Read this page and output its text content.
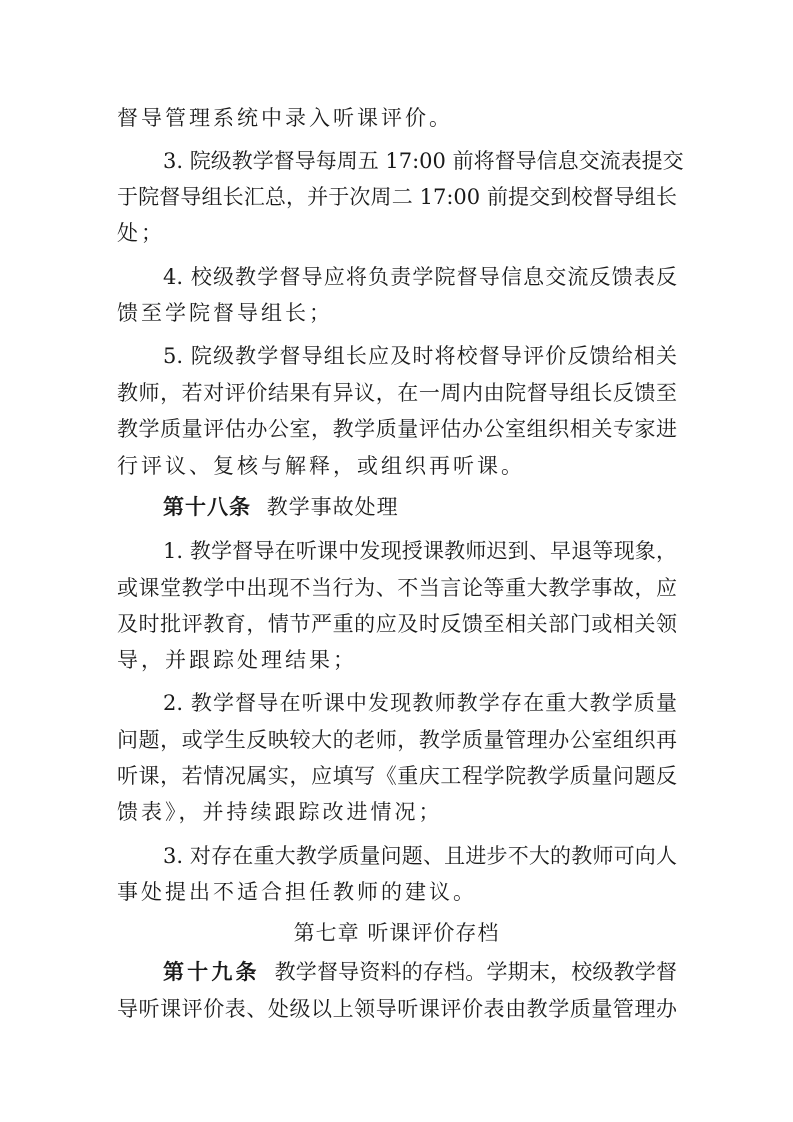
督导管理系统中录入听课评价。
3. 院级教学督导每周五 17:00 前将督导信息交流表提交
于院督导组长汇总，并于次周二 17:00 前提交到校督导组长
处；
4. 校级教学督导应将负责学院督导信息交流反馈表反
馈至学院督导组长；
5. 院级教学督导组长应及时将校督导评价反馈给相关
教师，若对评价结果有异议，在一周内由院督导组长反馈至
教学质量评估办公室，教学质量评估办公室组织相关专家进
行评议、复核与解释，或组织再听课。
第十八条 教学事故处理
1. 教学督导在听课中发现授课教师迟到、早退等现象，
或课堂教学中出现不当行为、不当言论等重大教学事故，应
及时批评教育，情节严重的应及时反馈至相关部门或相关领
导，并跟踪处理结果；
2. 教学督导在听课中发现教师教学存在重大教学质量
问题，或学生反映较大的老师，教学质量管理办公室组织再
听课，若情况属实，应填写《重庆工程学院教学质量问题反
馈表》，并持续跟踪改进情况；
3. 对存在重大教学质量问题、且进步不大的教师可向人
事处提出不适合担任教师的建议。
第七章 听课评价存档
第十九条 教学督导资料的存档。学期末，校级教学督
导听课评价表、处级以上领导听课评价表由教学质量管理办
